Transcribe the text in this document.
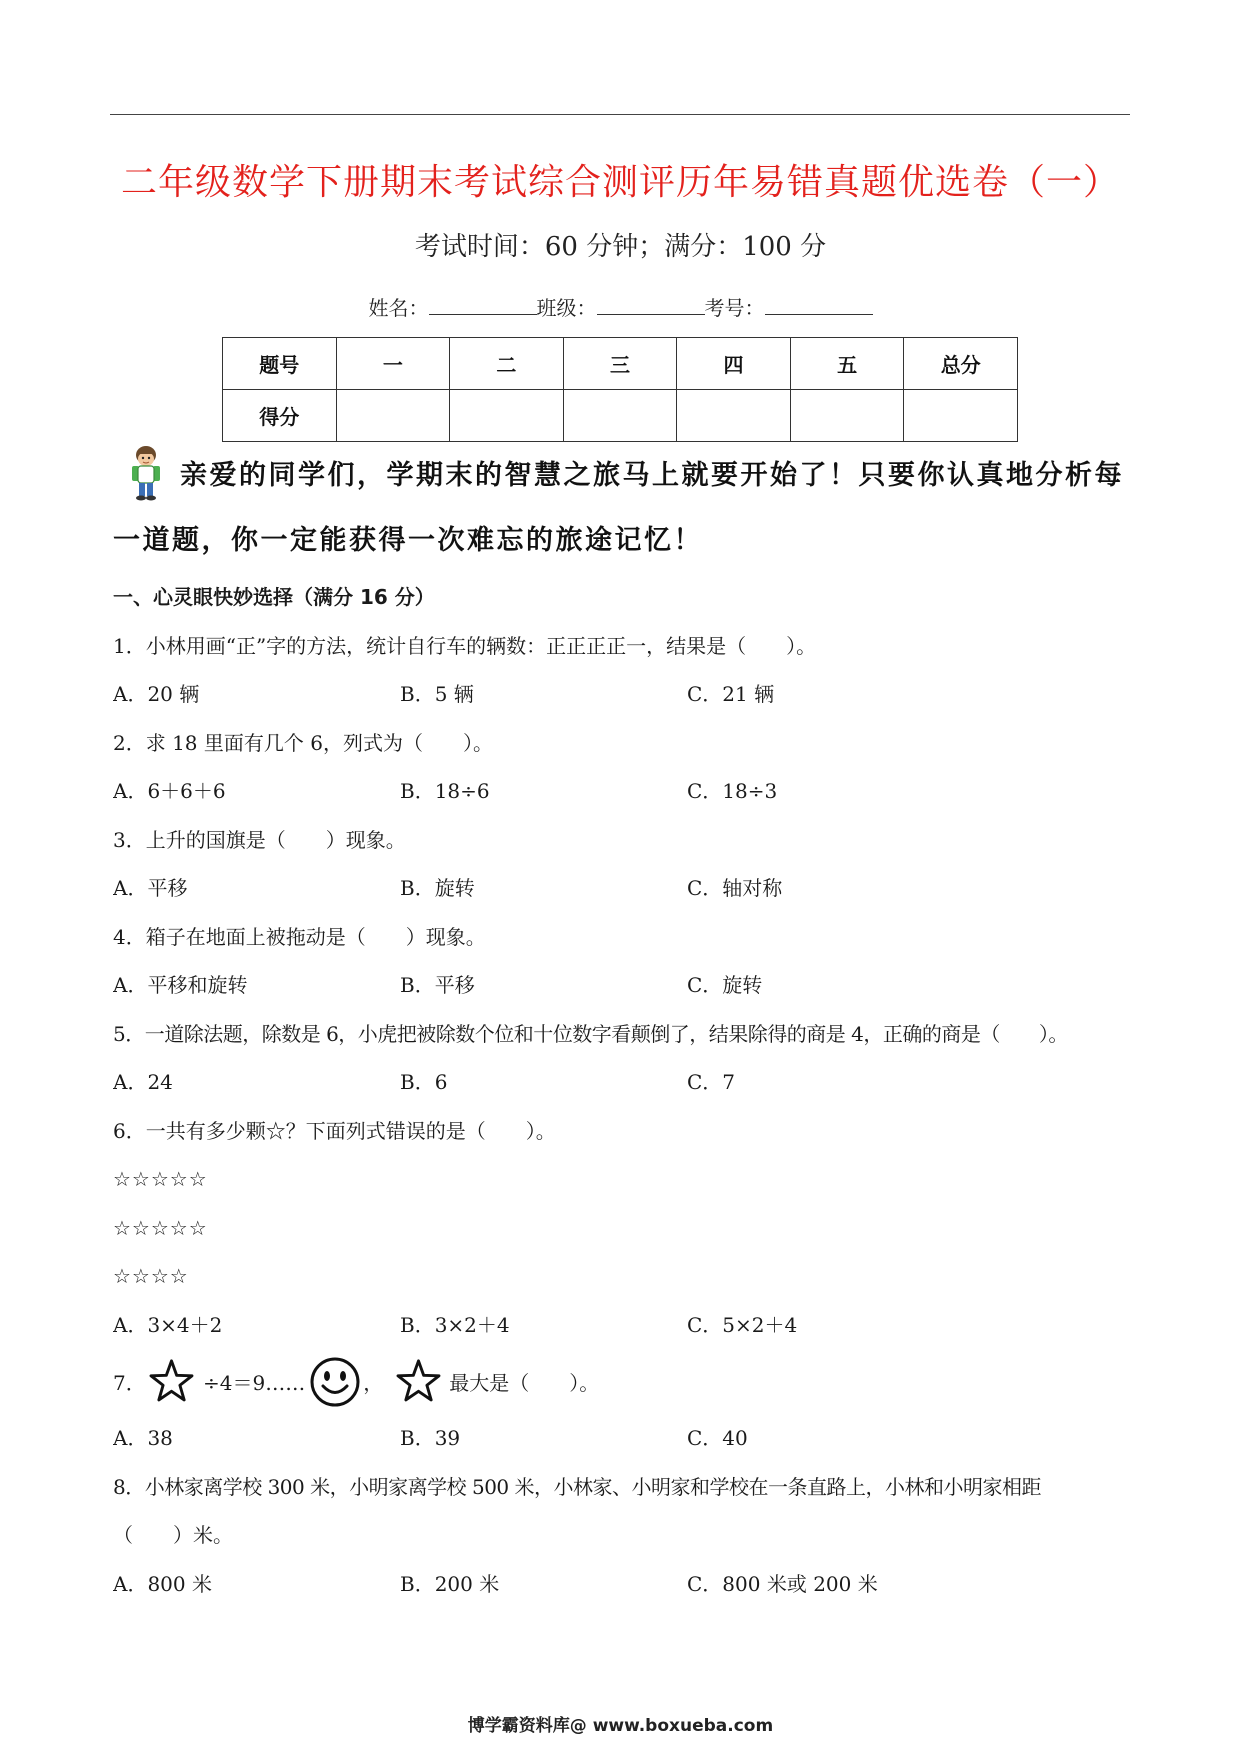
二年级数学下册期末考试综合测评历年易错真题优选卷（一）
考试时间：60 分钟；满分：100 分
姓名：	班级：	考号：
题号	一	二	三	四	五	总分
得分						
亲爱的同学们，学期末的智慧之旅马上就要开始了！只要你认真地分析每
一道题，你一定能获得一次难忘的旅途记忆！
一、心灵眼快妙选择（满分 16 分）
1．小林用画“正”字的方法，统计自行车的辆数：正正正正一，结果是（　　）。
A．20 辆	B．5 辆	C．21 辆
2．求 18 里面有几个 6，列式为（　　）。
A．6＋6＋6	B．18÷6	C．18÷3
3．上升的国旗是（　　）现象。
A．平移	B．旋转	C．轴对称
4．箱子在地面上被拖动是（　　）现象。
A．平移和旋转	B．平移	C．旋转
5．一道除法题，除数是 6，小虎把被除数个位和十位数字看颠倒了，结果除得的商是 4，正确的商是（　　）。
A．24	B．6	C．7
6．一共有多少颗☆？下面列式错误的是（　　）。
☆☆☆☆☆
☆☆☆☆☆
☆☆☆☆
A．3×4＋2	B．3×2＋4	C．5×2＋4
7．	÷4＝9……	，	最大是（　　）。
A．38	B．39	C．40
8．小林家离学校 300 米，小明家离学校 500 米，小林家、小明家和学校在一条直路上，小林和小明家相距
（　　）米。
A．800 米	B．200 米	C．800 米或 200 米
博学霸资料库@ www.boxueba.com
